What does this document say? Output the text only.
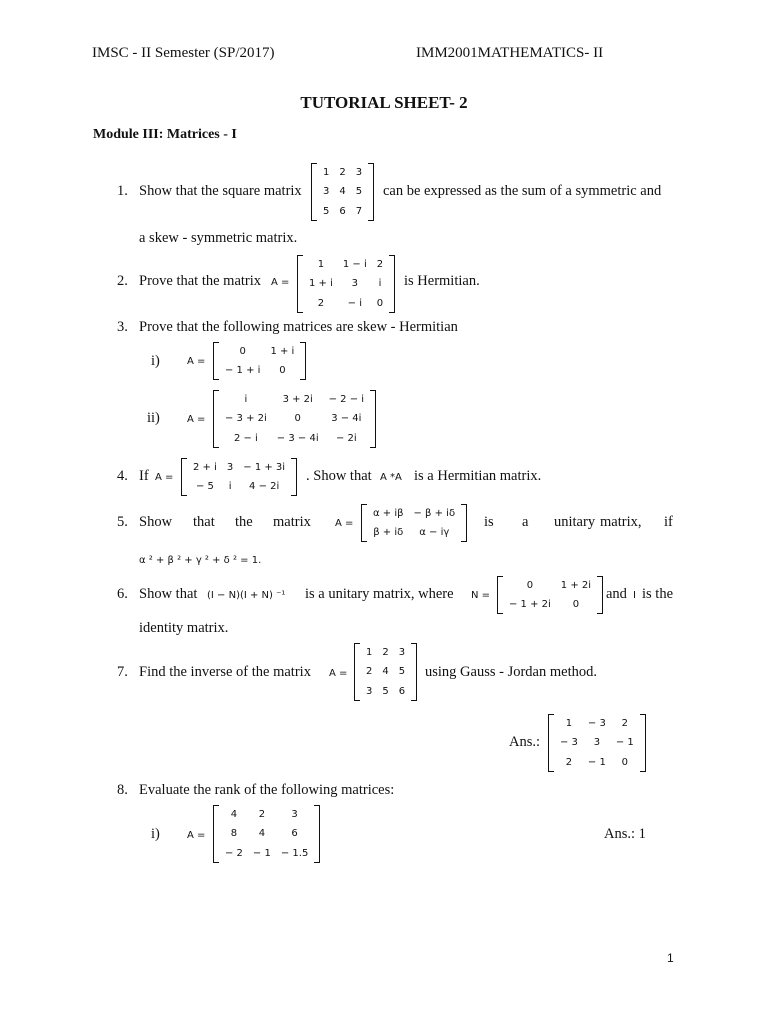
IMSC - II Semester (SP/2017)	IMM2001MATHEMATICS- II
TUTORIAL SHEET- 2
Module III: Matrices - I
1. Show that the square matrix
1	2	3
3	4	5
5	6	7
can be expressed as the sum of a symmetric and
a skew - symmetric matrix.
2. Prove that the matrix A =
1	1 − i	2
1 + i	3	i
2	− i	0
is Hermitian.
3. Prove that the following matrices are skew - Hermitian
i)	A =
0	1 + i
− 1 + i	0
ii)	A =
i	3 + 2i	− 2 − i
− 3 + 2i	0	3 − 4i
2 − i	− 3 − 4i	− 2i
4. If A =
2 + i	3	− 1 + 3i
− 5	i	4 − 2i
. Show that A *A is a Hermitian matrix.
5. Show that the matrix A =
α + iβ	− β + iδ
β + iδ	α − iγ
is a unitary matrix, if
α ² + β ² + γ ² + δ ² = 1.
6. Show that (I − N)(I + N) ⁻¹ is a unitary matrix, where N =
0	1 + 2i
− 1 + 2i	0
and I is the
identity matrix.
7. Find the inverse of the matrix A =
1	2	3
2	4	5
3	5	6
using Gauss - Jordan method.
Ans.:
1	− 3	2
− 3	3	− 1
2	− 1	0
8. Evaluate the rank of the following matrices:
i)	A =
4	2	3
8	4	6
− 2	− 1	− 1.5
Ans.: 1
1
